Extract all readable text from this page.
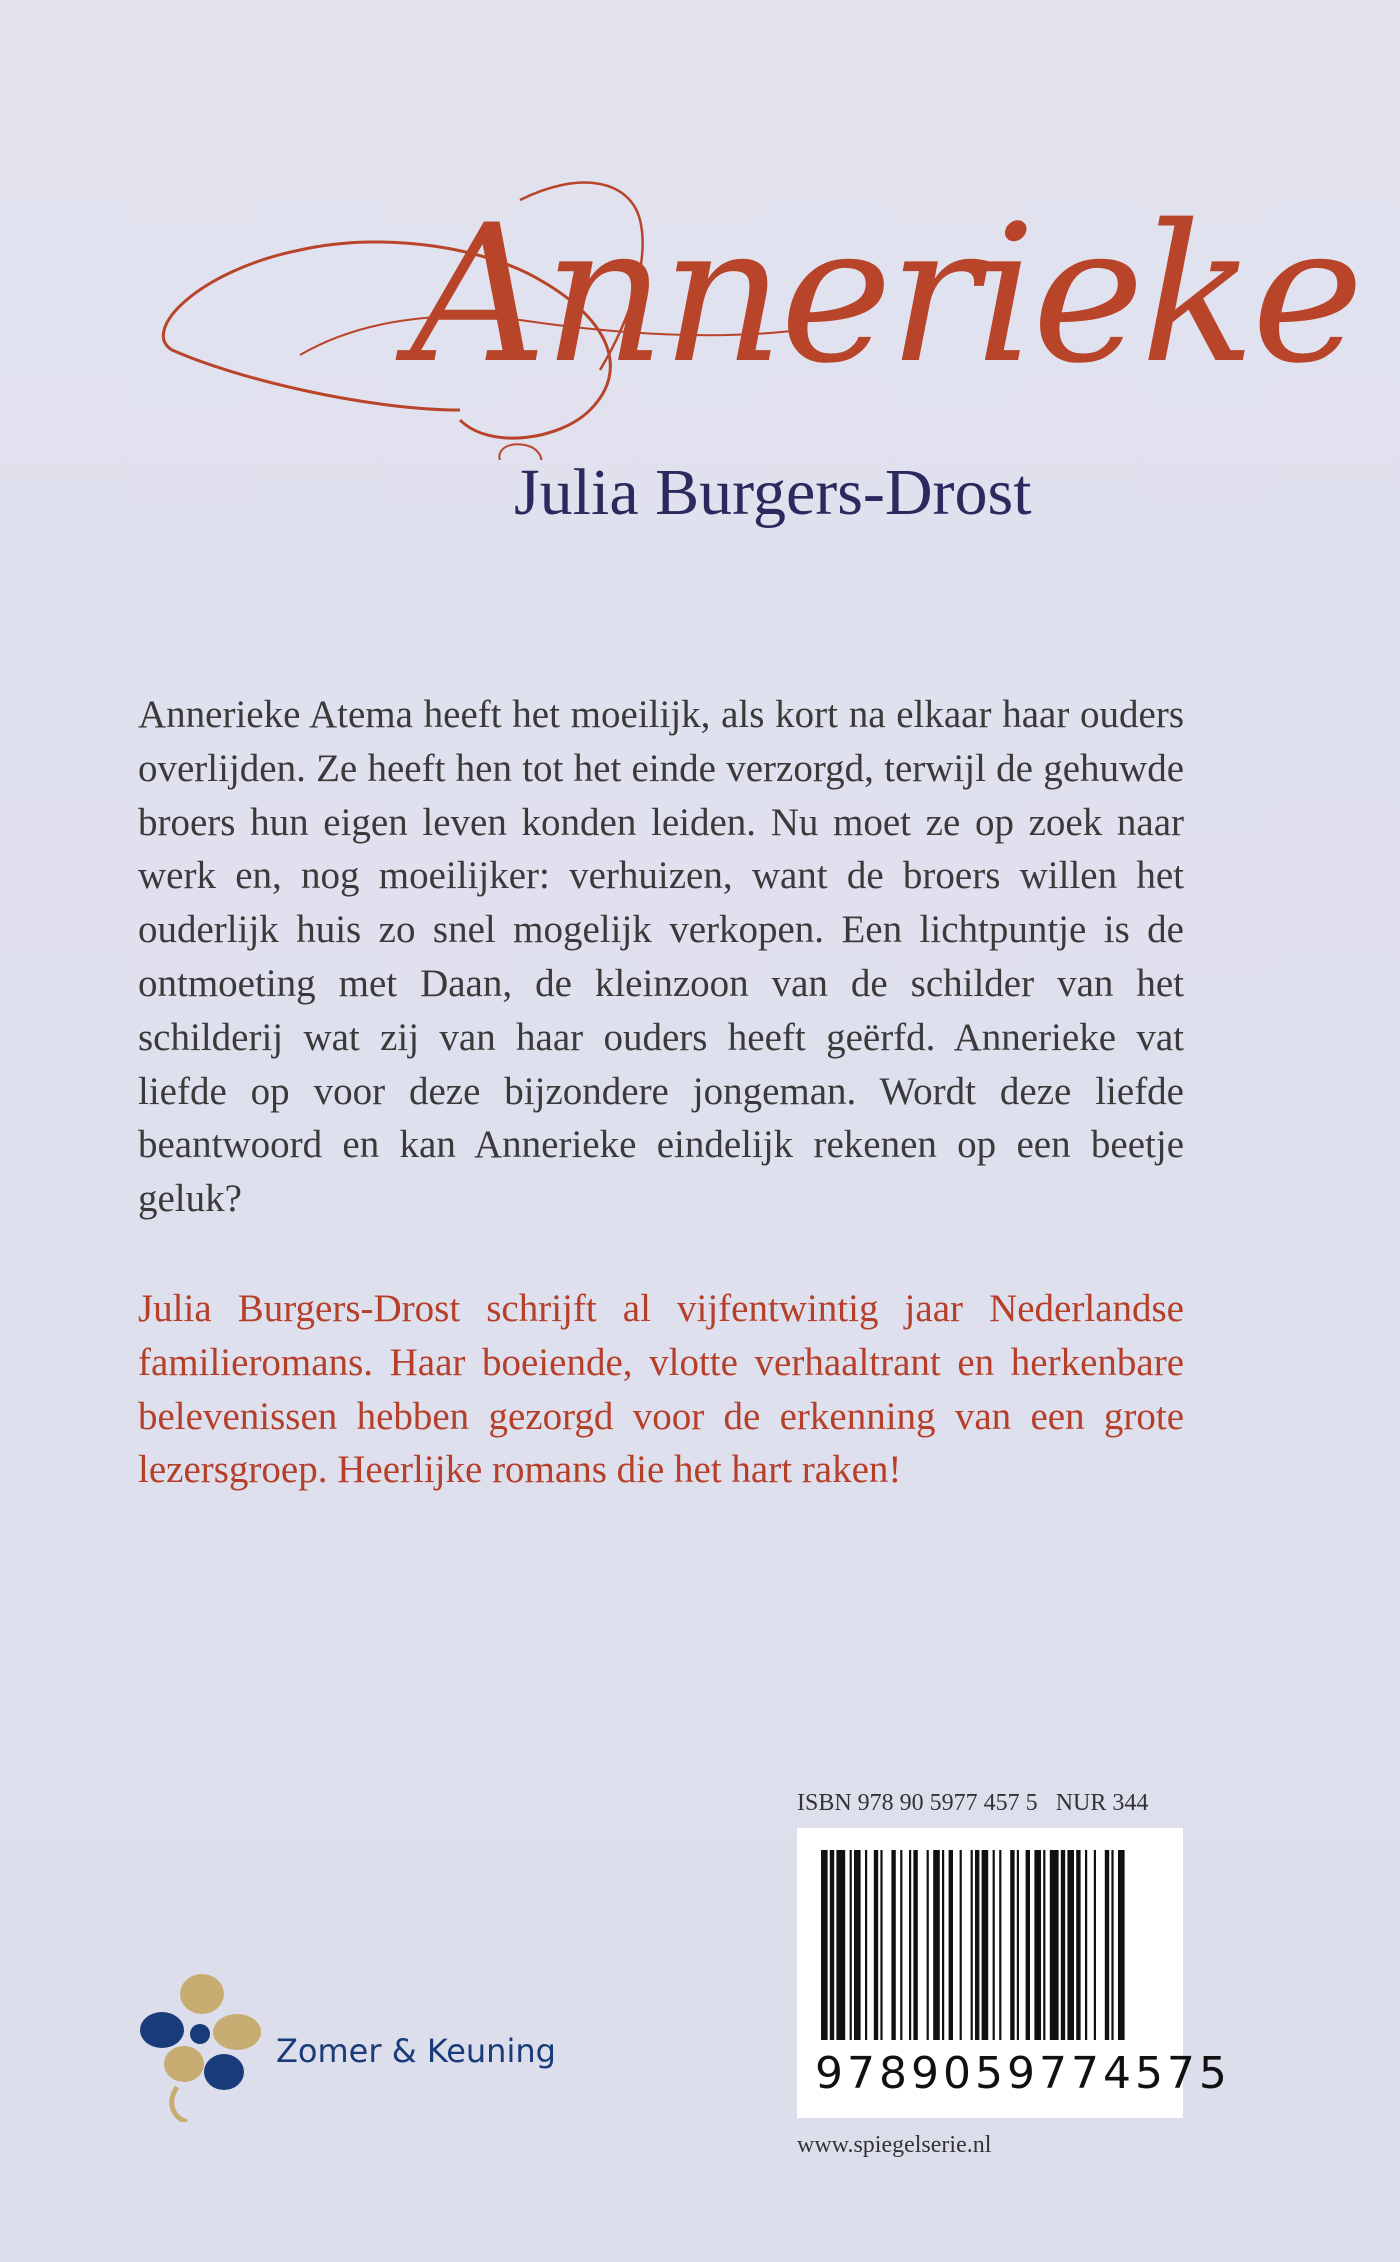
Annerieke
Julia Burgers-Drost

Annerieke Atema heeft het moeilijk, als kort na elkaar haar ouders overlijden. Ze heeft hen tot het einde verzorgd, terwijl de gehuwde broers hun eigen leven konden leiden. Nu moet ze op zoek naar werk en, nog moeilijker: verhuizen, want de broers willen het ouderlijk huis zo snel mogelijk verkopen. Een lichtpuntje is de ontmoeting met Daan, de kleinzoon van de schilder van het schilderij wat zij van haar ouders heeft geërfd. Annerieke vat liefde op voor deze bijzondere jongeman. Wordt deze liefde beantwoord en kan Annerieke eindelijk rekenen op een beetje geluk?

Julia Burgers-Drost schrijft al vijfentwintig jaar Nederlandse familieromans. Haar boeiende, vlotte verhaaltrant en herkenbare belevenissen hebben gezorgd voor de erkenning van een grote lezersgroep. Heerlijke romans die het hart raken!

ISBN 978 90 5977 457 5 NUR 344
9789059774575
www.spiegelserie.nl
Zomer & Keuning
